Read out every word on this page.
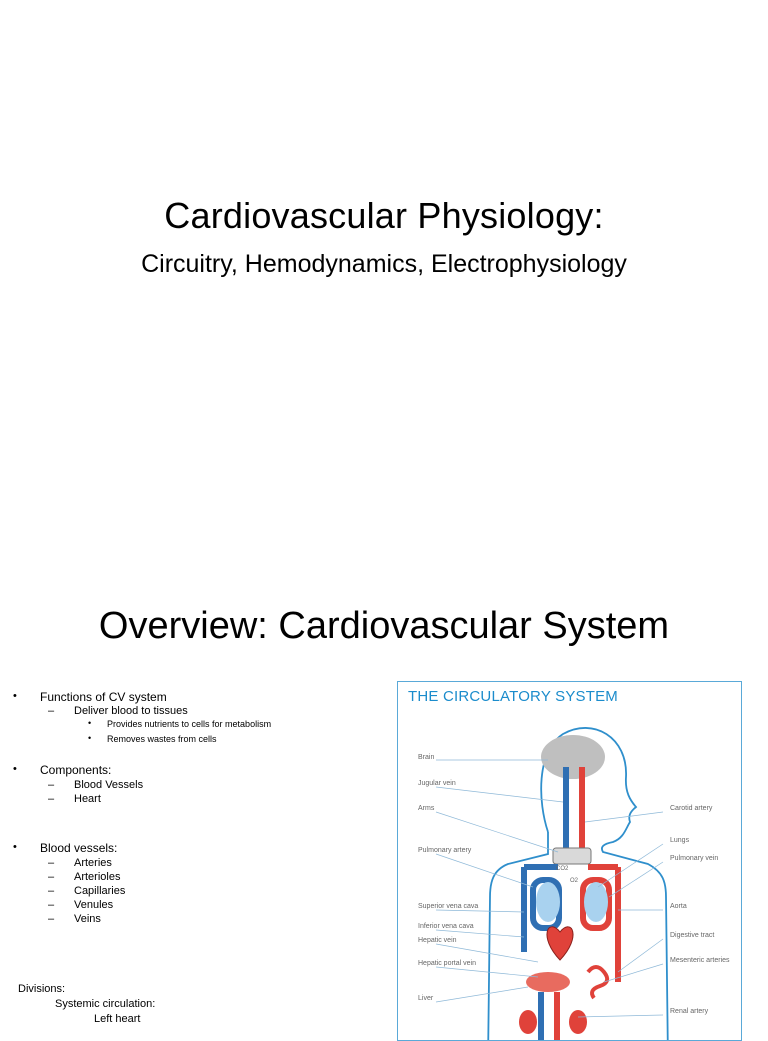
Cardiovascular Physiology:
Circuitry, Hemodynamics, Electrophysiology
Overview: Cardiovascular System
• Functions of CV system
– Deliver blood to tissues
• Provides nutrients to cells for metabolism
• Removes wastes from cells
• Components:
– Blood Vessels
– Heart
• Blood vessels:
– Arteries
– Arterioles
– Capillaries
– Venules
– Veins
Divisions:
Systemic circulation:
Left heart
THE CIRCULATORY SYSTEM
Brain
Jugular vein
Arms
Pulmonary artery
Superior vena cava
Inferior vena cava
Hepatic vein
Hepatic portal vein
Liver
Carotid artery
Lungs
Pulmonary vein
Aorta
Digestive tract
Mesenteric arteries
Renal artery
CO2
O2
